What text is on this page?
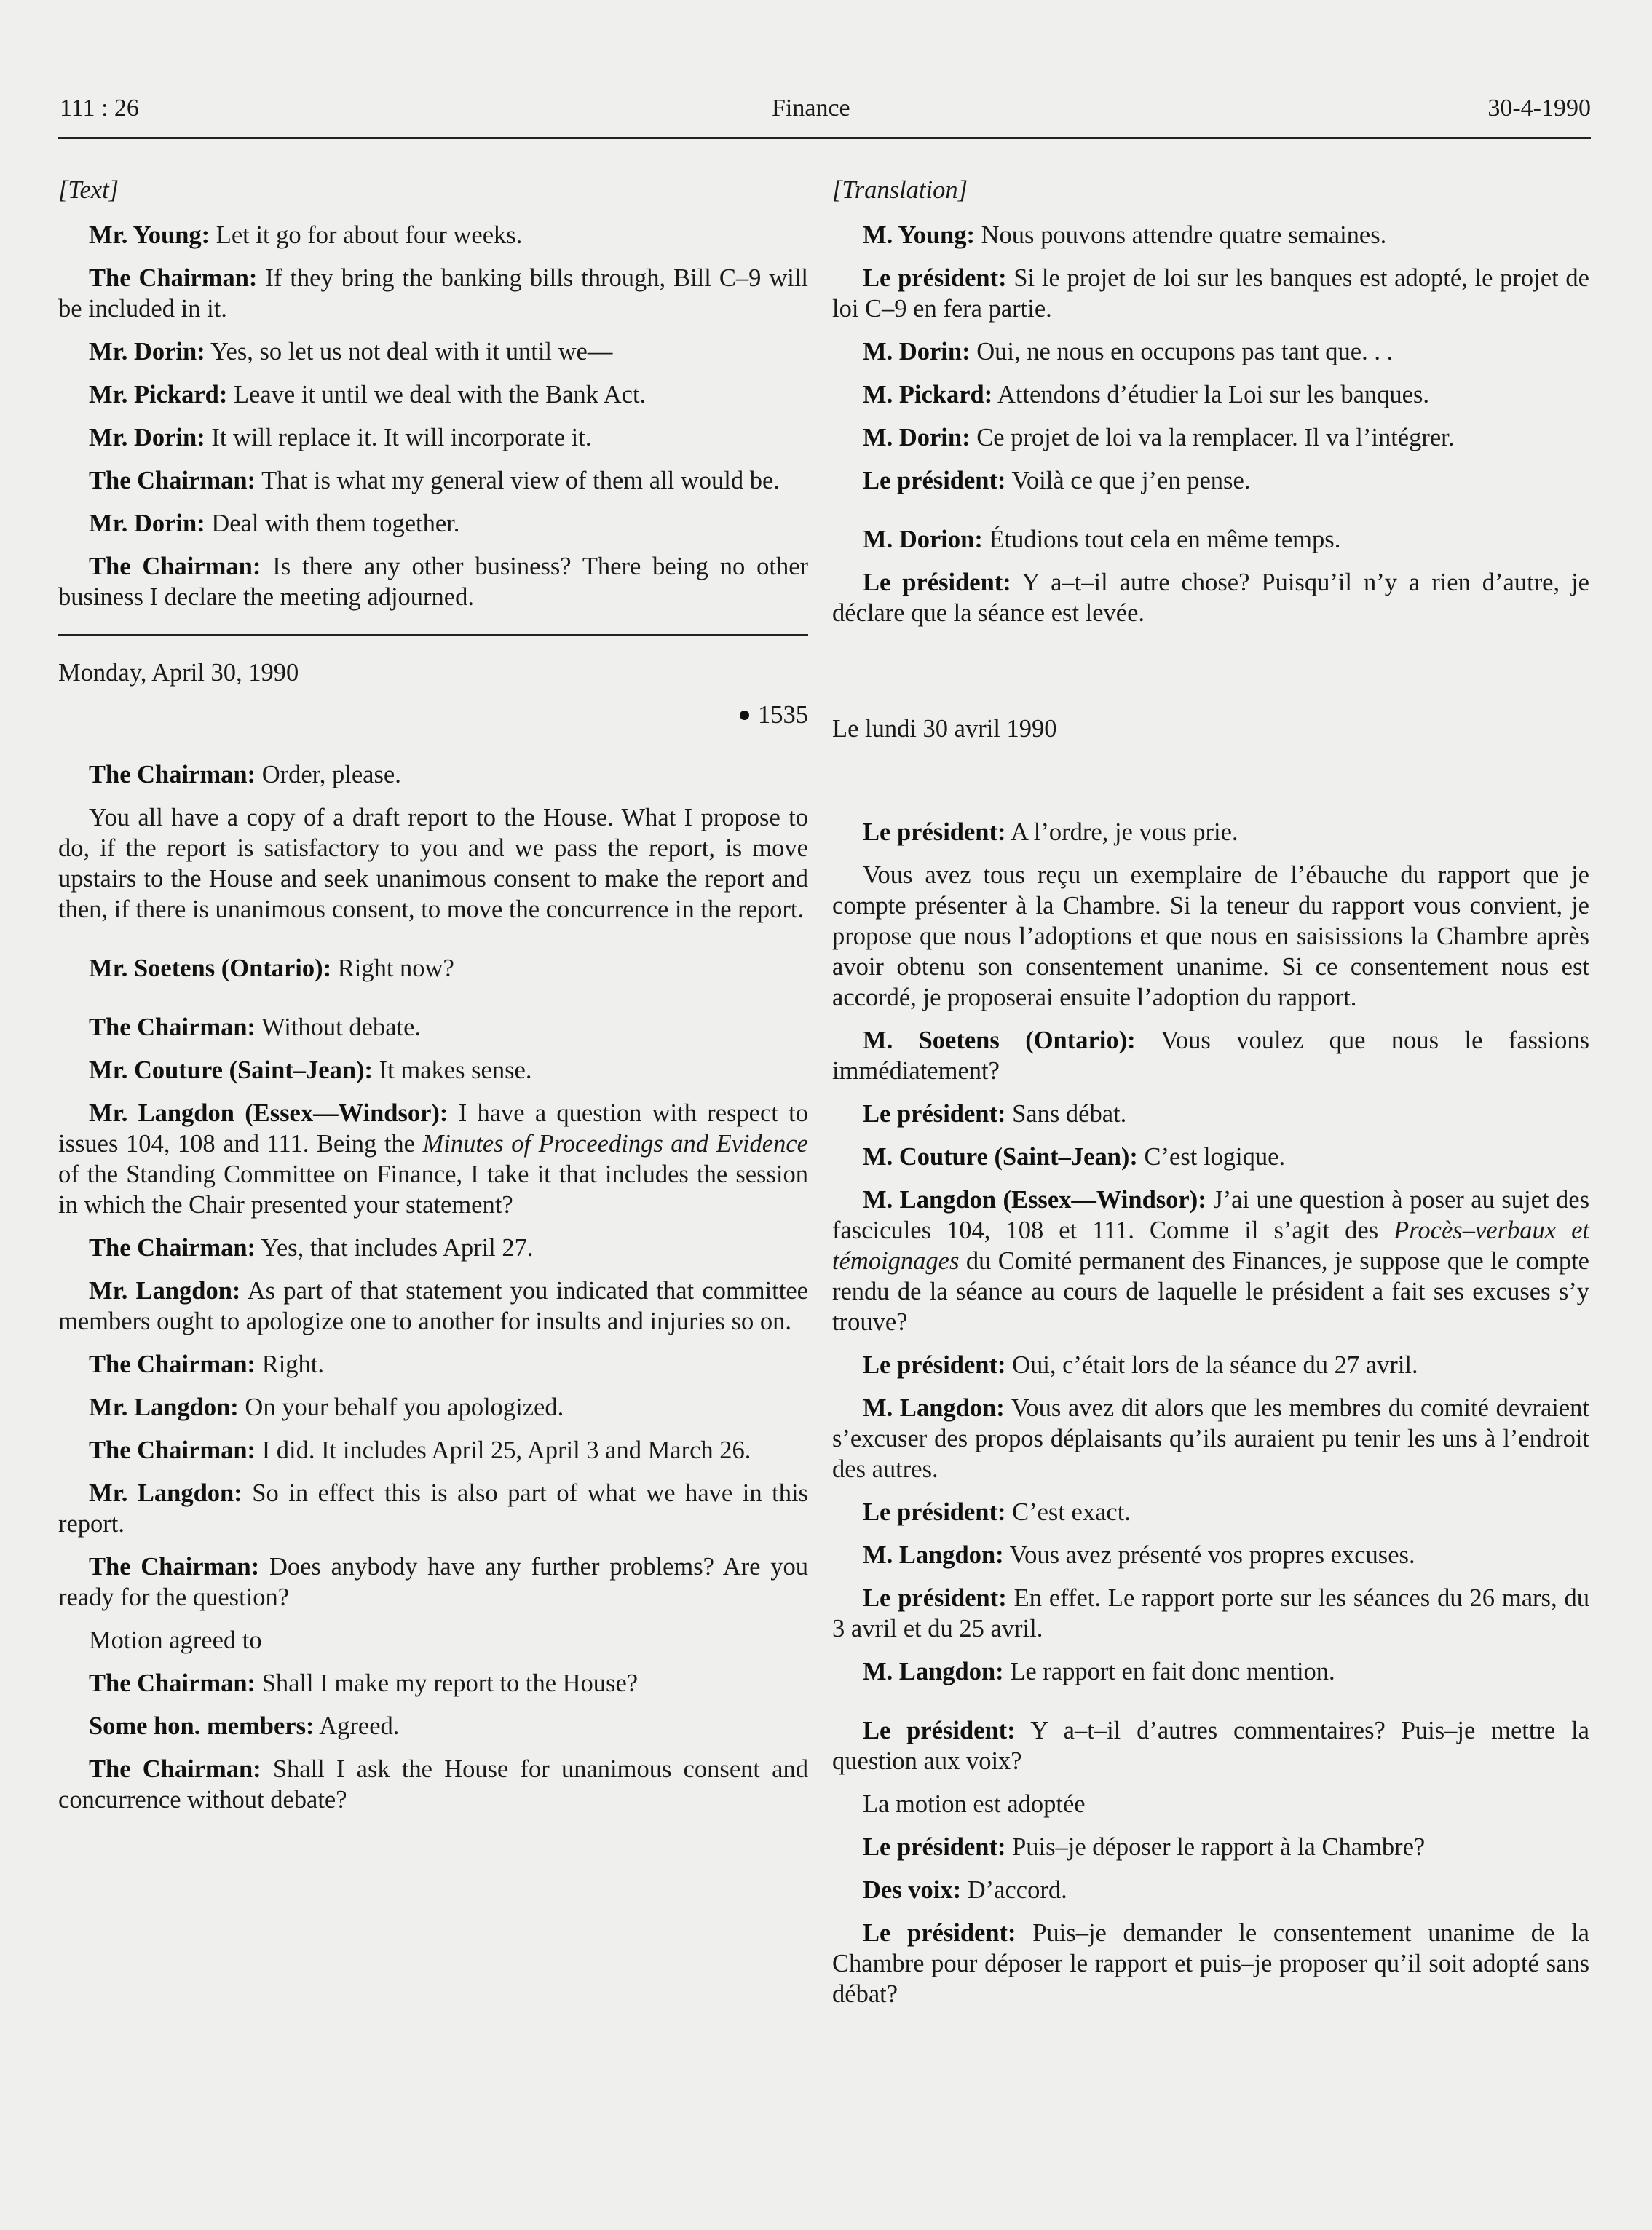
111 : 26	Finance	30-4-1990
[Text]

Mr. Young: Let it go for about four weeks.

The Chairman: If they bring the banking bills through, Bill C–9 will be included in it.

Mr. Dorin: Yes, so let us not deal with it until we—

Mr. Pickard: Leave it until we deal with the Bank Act.

Mr. Dorin: It will replace it. It will incorporate it.

The Chairman: That is what my general view of them all would be.

Mr. Dorin: Deal with them together.

The Chairman: Is there any other business? There being no other business I declare the meeting adjourned.

Monday, April 30, 1990

1535

The Chairman: Order, please.

You all have a copy of a draft report to the House. What I propose to do, if the report is satisfactory to you and we pass the report, is move upstairs to the House and seek unanimous consent to make the report and then, if there is unanimous consent, to move the concurrence in the report.

Mr. Soetens (Ontario): Right now?

The Chairman: Without debate.

Mr. Couture (Saint–Jean): It makes sense.

Mr. Langdon (Essex—Windsor): I have a question with respect to issues 104, 108 and 111. Being the Minutes of Proceedings and Evidence of the Standing Committee on Finance, I take it that includes the session in which the Chair presented your statement?

The Chairman: Yes, that includes April 27.

Mr. Langdon: As part of that statement you indicated that committee members ought to apologize one to another for insults and injuries so on.

The Chairman: Right.

Mr. Langdon: On your behalf you apologized.

The Chairman: I did. It includes April 25, April 3 and March 26.

Mr. Langdon: So in effect this is also part of what we have in this report.

The Chairman: Does anybody have any further problems? Are you ready for the question?

Motion agreed to

The Chairman: Shall I make my report to the House?

Some hon. members: Agreed.

The Chairman: Shall I ask the House for unanimous consent and concurrence without debate?

[Translation]

M. Young: Nous pouvons attendre quatre semaines.

Le président: Si le projet de loi sur les banques est adopté, le projet de loi C–9 en fera partie.

M. Dorin: Oui, ne nous en occupons pas tant que. . .

M. Pickard: Attendons d’étudier la Loi sur les banques.

M. Dorin: Ce projet de loi va la remplacer. Il va l’intégrer.

Le président: Voilà ce que j’en pense.

M. Dorion: Étudions tout cela en même temps.

Le président: Y a–t–il autre chose? Puisqu’il n’y a rien d’autre, je déclare que la séance est levée.

Le lundi 30 avril 1990

Le président: A l’ordre, je vous prie.

Vous avez tous reçu un exemplaire de l’ébauche du rapport que je compte présenter à la Chambre. Si la teneur du rapport vous convient, je propose que nous l’adoptions et que nous en saisissions la Chambre après avoir obtenu son consentement unanime. Si ce consentement nous est accordé, je proposerai ensuite l’adoption du rapport.

M. Soetens (Ontario): Vous voulez que nous le fassions immédiatement?

Le président: Sans débat.

M. Couture (Saint–Jean): C’est logique.

M. Langdon (Essex—Windsor): J’ai une question à poser au sujet des fascicules 104, 108 et 111. Comme il s’agit des Procès–verbaux et témoignages du Comité permanent des Finances, je suppose que le compte rendu de la séance au cours de laquelle le président a fait ses excuses s’y trouve?

Le président: Oui, c’était lors de la séance du 27 avril.

M. Langdon: Vous avez dit alors que les membres du comité devraient s’excuser des propos déplaisants qu’ils auraient pu tenir les uns à l’endroit des autres.

Le président: C’est exact.

M. Langdon: Vous avez présenté vos propres excuses.

Le président: En effet. Le rapport porte sur les séances du 26 mars, du 3 avril et du 25 avril.

M. Langdon: Le rapport en fait donc mention.

Le président: Y a–t–il d’autres commentaires? Puis–je mettre la question aux voix?

La motion est adoptée

Le président: Puis–je déposer le rapport à la Chambre?

Des voix: D’accord.

Le président: Puis–je demander le consentement unanime de la Chambre pour déposer le rapport et puis–je proposer qu’il soit adopté sans débat?
